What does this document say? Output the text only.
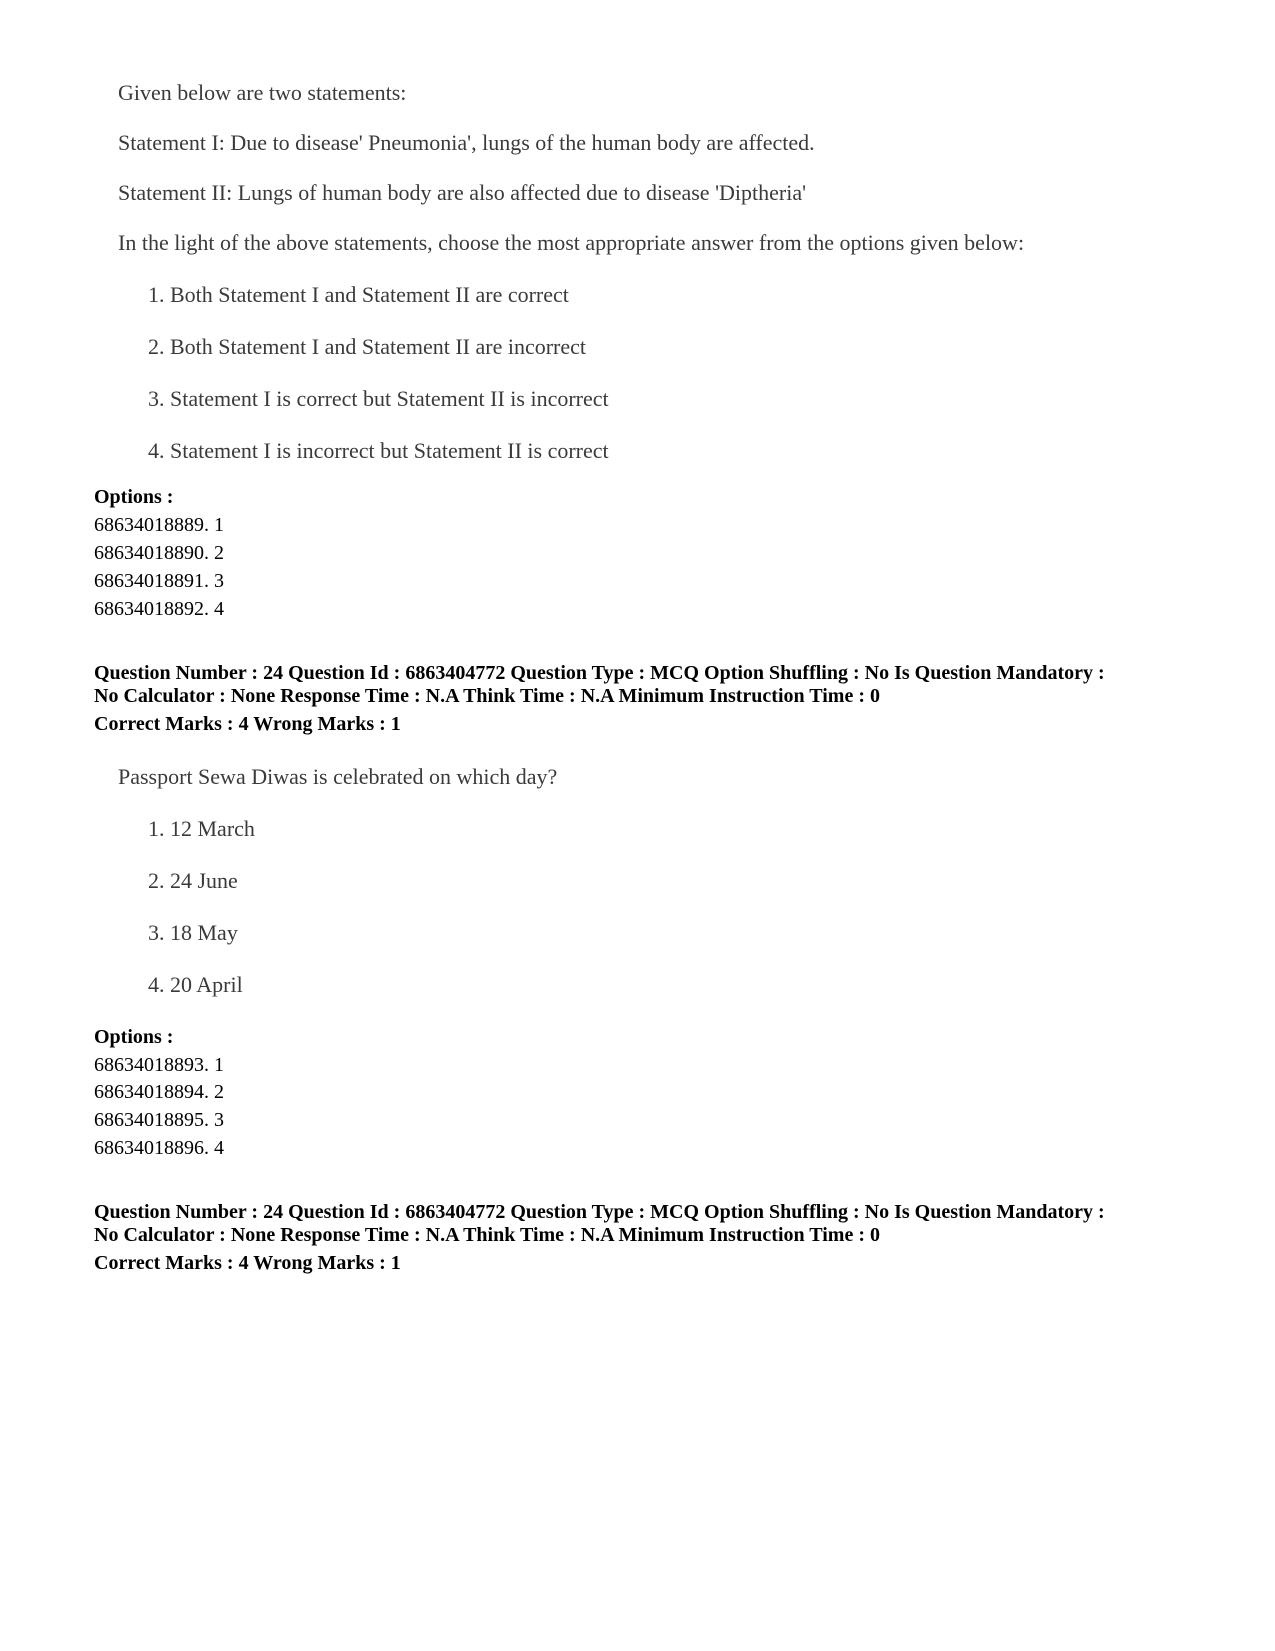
Given below are two statements:
Statement I: Due to disease' Pneumonia', lungs of the human body are affected.
Statement II: Lungs of human body are also affected due to disease 'Diptheria'
In the light of the above statements, choose the most appropriate answer from the options given below:
1. Both Statement I and Statement II are correct
2. Both Statement I and Statement II are incorrect
3. Statement I is correct but Statement II is incorrect
4. Statement I is incorrect but Statement II is correct
Options :
68634018889. 1
68634018890. 2
68634018891. 3
68634018892. 4
Question Number : 24 Question Id : 6863404772 Question Type : MCQ Option Shuffling : No Is Question Mandatory :
No Calculator : None Response Time : N.A Think Time : N.A Minimum Instruction Time : 0
Correct Marks : 4 Wrong Marks : 1
Passport Sewa Diwas is celebrated on which day?
1. 12 March
2. 24 June
3. 18 May
4. 20 April
Options :
68634018893. 1
68634018894. 2
68634018895. 3
68634018896. 4
Question Number : 24 Question Id : 6863404772 Question Type : MCQ Option Shuffling : No Is Question Mandatory :
No Calculator : None Response Time : N.A Think Time : N.A Minimum Instruction Time : 0
Correct Marks : 4 Wrong Marks : 1
